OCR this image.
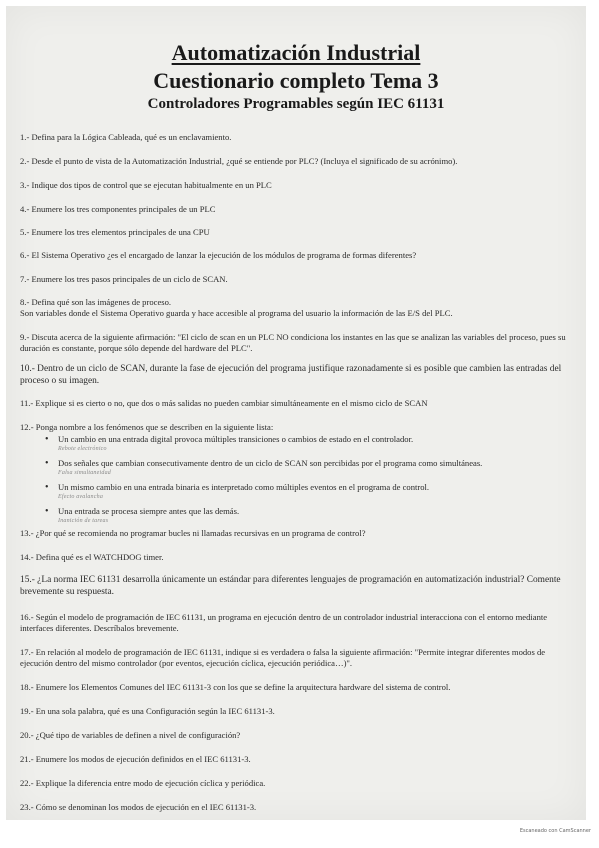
Automatización Industrial
Cuestionario completo Tema 3
Controladores Programables según IEC 61131
1.- Defina para la Lógica Cableada, qué es un enclavamiento.
2.- Desde el punto de vista de la Automatización Industrial, ¿qué se entiende por PLC? (Incluya el significado de su acrónimo).
3.- Indique dos tipos de control que se ejecutan habitualmente en un PLC
4.- Enumere los tres componentes principales de un PLC
5.- Enumere los tres elementos principales de una CPU
6.- El Sistema Operativo ¿es el encargado de lanzar la ejecución de los módulos de programa de formas diferentes?
7.- Enumere los tres pasos principales de un ciclo de SCAN.
8.- Defina qué son las imágenes de proceso.
Son variables donde el Sistema Operativo guarda y hace accesible al programa del usuario la información de las E/S del PLC.
9.- Discuta acerca de la siguiente afirmación: "El ciclo de scan en un PLC NO condiciona los instantes en las que se analizan las variables del proceso, pues su duración es constante, porque sólo depende del hardware del PLC".
10.- Dentro de un ciclo de SCAN, durante la fase de ejecución del programa justifique razonadamente si es posible que cambien las entradas del proceso o su imagen.
11.- Explique si es cierto o no, que dos o más salidas no pueden cambiar simultáneamente en el mismo ciclo de SCAN
12.- Ponga nombre a los fenómenos que se describen en la siguiente lista:
• Un cambio en una entrada digital provoca múltiples transiciones o cambios de estado en el controlador.
Rebote electrónico
• Dos señales que cambian consecutivamente dentro de un ciclo de SCAN son percibidas por el programa como simultáneas.
Falsa simultaneidad
• Un mismo cambio en una entrada binaria es interpretado como múltiples eventos en el programa de control.
Efecto avalancha
• Una entrada se procesa siempre antes que las demás.
Inanición de tareas
13.- ¿Por qué se recomienda no programar bucles ni llamadas recursivas en un programa de control?
14.- Defina qué es el WATCHDOG timer.
15.- ¿La norma IEC 61131 desarrolla únicamente un estándar para diferentes lenguajes de programación en automatización industrial? Comente brevemente su respuesta.
16.- Según el modelo de programación de IEC 61131, un programa en ejecución dentro de un controlador industrial interacciona con el entorno mediante interfaces diferentes. Descríbalos brevemente.
17.- En relación al modelo de programación de IEC 61131, indique si es verdadera o falsa la siguiente afirmación: "Permite integrar diferentes modos de ejecución dentro del mismo controlador (por eventos, ejecución cíclica, ejecución periódica…)".
18.- Enumere los Elementos Comunes del IEC 61131-3 con los que se define la arquitectura hardware del sistema de control.
19.- En una sola palabra, qué es una Configuración según la IEC 61131-3.
20.- ¿Qué tipo de variables de definen a nivel de configuración?
21.- Enumere los modos de ejecución definidos en el IEC 61131-3.
22.- Explique la diferencia entre modo de ejecución cíclica y periódica.
23.- Cómo se denominan los modos de ejecución en el IEC 61131-3.
Escaneado con CamScanner
